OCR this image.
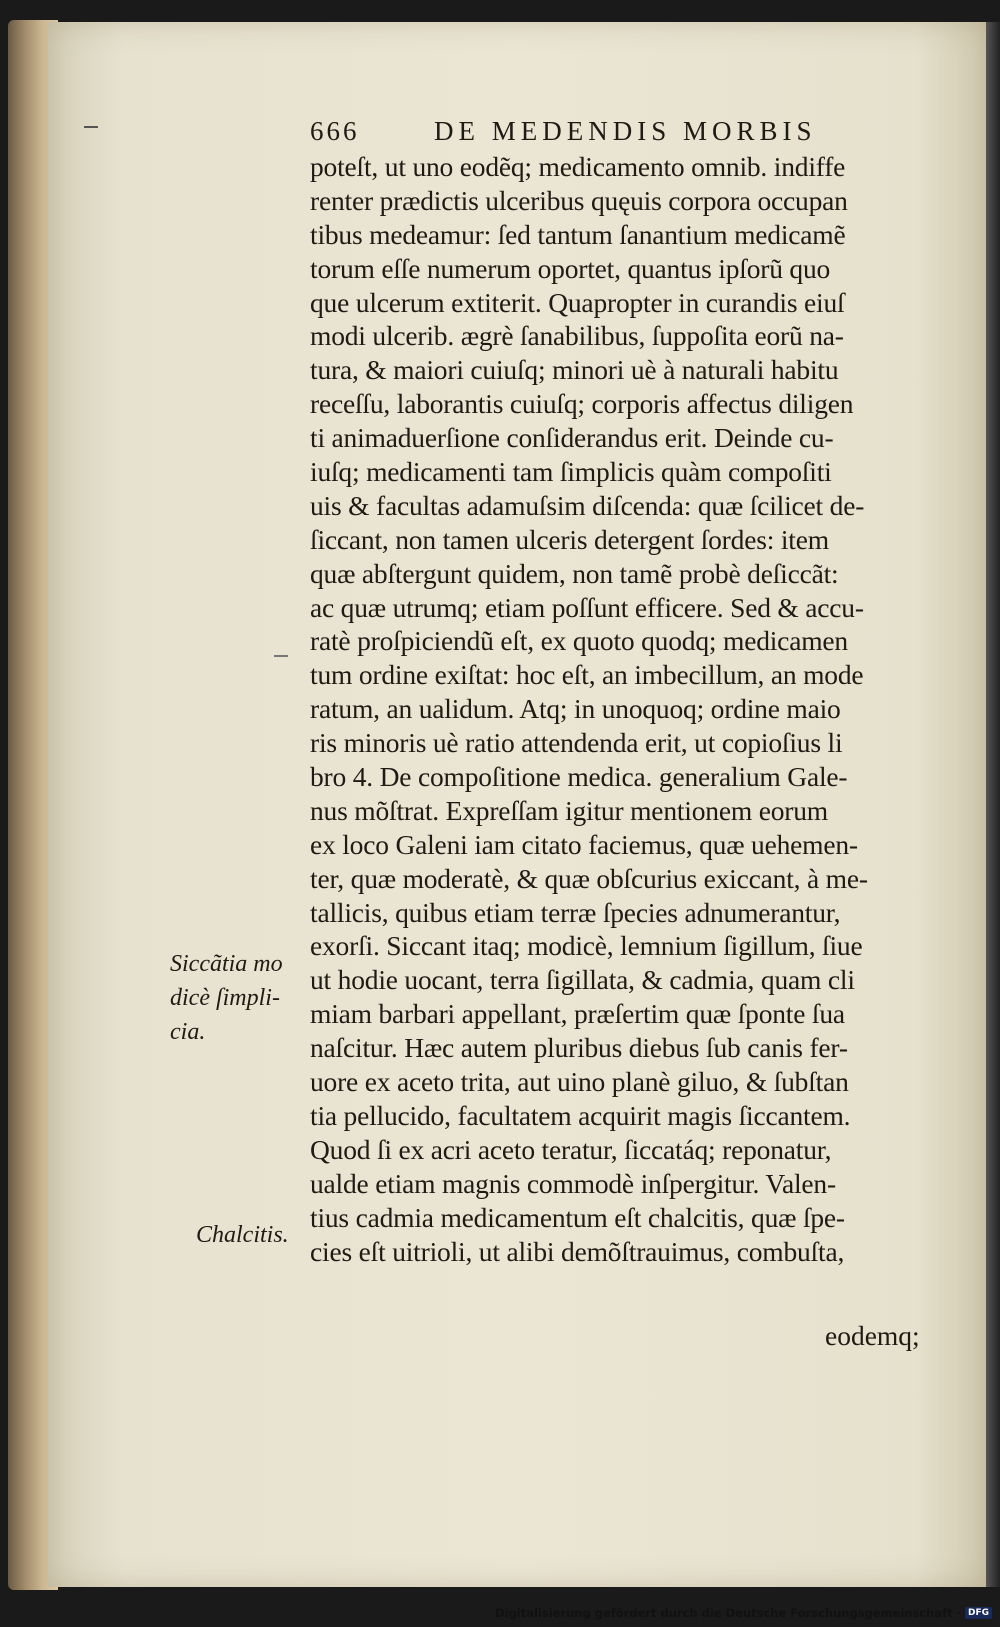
666	DE MEDENDIS MORBIS
poteſt, ut uno eodẽq; medicamento omnib. indiffe
renter prædictis ulceribus quęuis corpora occupan
tibus medeamur: ſed tantum ſanantium medicamẽ
torum eſſe numerum oportet, quantus ipſorũ quo
que ulcerum extiterit. Quapropter in curandis eiuſ
modi ulcerib. ægrè ſanabilibus, ſuppoſita eorũ na-
tura, & maiori cuiuſq; minori uè à naturali habitu
receſſu, laborantis cuiuſq; corporis affectus diligen
ti animaduerſione conſiderandus erit. Deinde cu-
iuſq; medicamenti tam ſimplicis quàm compoſiti
uis & facultas adamuſsim diſcenda: quæ ſcilicet de-
ſiccant, non tamen ulceris detergent ſordes: item
quæ abſtergunt quidem, non tamẽ probè deſiccãt:
ac quæ utrumq; etiam poſſunt efficere. Sed & accu-
ratè proſpiciendũ eſt, ex quoto quodq; medicamen
tum ordine exiſtat: hoc eſt, an imbecillum, an mode
ratum, an ualidum. Atq; in unoquoq; ordine maio
ris minoris uè ratio attendenda erit, ut copioſius li
bro 4. De compoſitione medica. generalium Gale-
nus mõſtrat. Expreſſam igitur mentionem eorum
ex loco Galeni iam citato faciemus, quæ uehemen-
ter, quæ moderatè, & quæ obſcurius exiccant, à me-
tallicis, quibus etiam terræ ſpecies adnumerantur,
exorſi. Siccant itaq; modicè, lemnium ſigillum, ſiue
ut hodie uocant, terra ſigillata, & cadmia, quam cli
miam barbari appellant, præſertim quæ ſponte ſua
naſcitur. Hæc autem pluribus diebus ſub canis fer-
uore ex aceto trita, aut uino planè giluo, & ſubſtan
tia pellucido, facultatem acquirit magis ſiccantem.
Quod ſi ex acri aceto teratur, ſiccatáq; reponatur,
ualde etiam magnis commodè inſpergitur. Valen-
tius cadmia medicamentum eſt chalcitis, quæ ſpe-
cies eſt uitrioli, ut alibi demõſtrauimus, combuſta,
eodemq;
Siccãtia mo
dicè ſimpli-
cia.
Chalcitis.
Digitalisierung gefördert durch die Deutsche Forschungsgemeinschaft · DFG
